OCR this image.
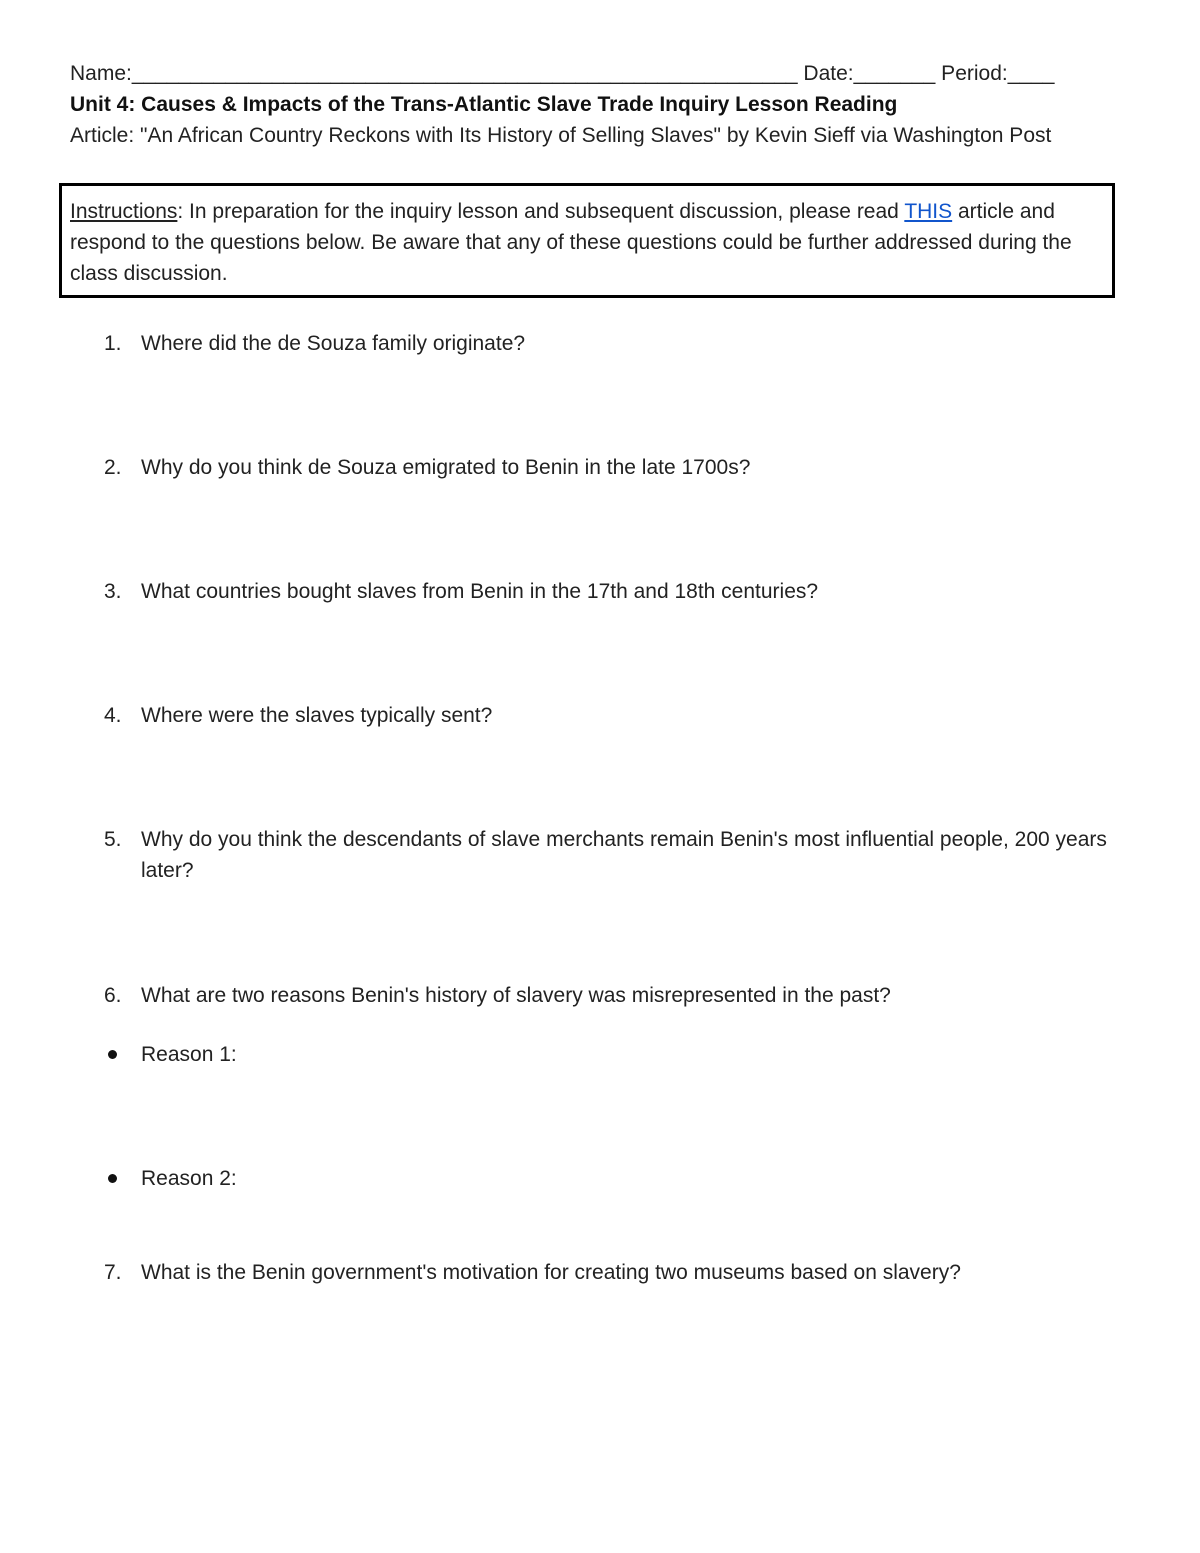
Name:_________________________________________________________ Date:_______ Period:____
Unit 4: Causes & Impacts of the Trans-Atlantic Slave Trade Inquiry Lesson Reading
Article: "An African Country Reckons with Its History of Selling Slaves" by Kevin Sieff via Washington Post
Instructions: In preparation for the inquiry lesson and subsequent discussion, please read THIS article and respond to the questions below. Be aware that any of these questions could be further addressed during the class discussion.
1. Where did the de Souza family originate?
2. Why do you think de Souza emigrated to Benin in the late 1700s?
3. What countries bought slaves from Benin in the 17th and 18th centuries?
4. Where were the slaves typically sent?
5. Why do you think the descendants of slave merchants remain Benin's most influential people, 200 years later?
6. What are two reasons Benin's history of slavery was misrepresented in the past?
Reason 1:
Reason 2:
7. What is the Benin government's motivation for creating two museums based on slavery?
